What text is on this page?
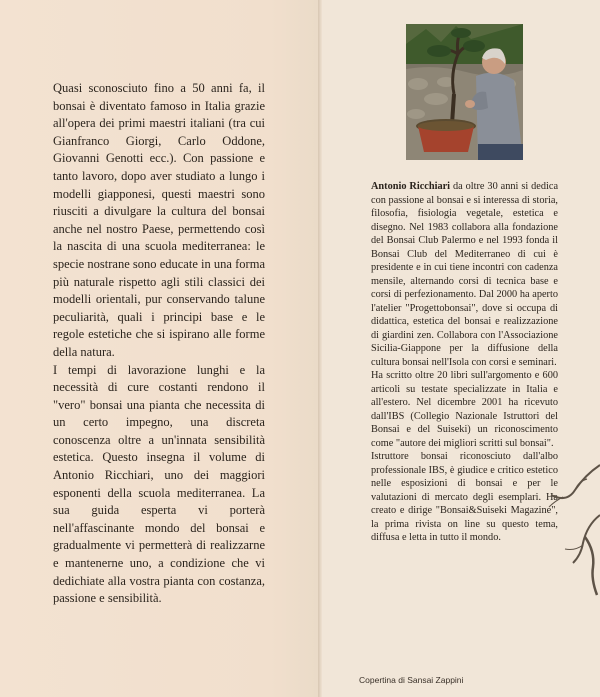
Quasi sconosciuto fino a 50 anni fa, il bonsai è diventato famoso in Italia grazie all'opera dei primi maestri italiani (tra cui Gianfranco Giorgi, Carlo Oddone, Giovanni Genotti ecc.). Con passione e tanto lavoro, dopo aver studiato a lungo i modelli giapponesi, questi maestri sono riusciti a divulgare la cultura del bonsai anche nel nostro Paese, permettendo così la nascita di una scuola mediterranea: le specie nostrane sono educate in una forma più naturale rispetto agli stili classici dei modelli orientali, pur conservando talune peculiarità, quali i principi base e le regole estetiche che si ispirano alle forme della natura.

I tempi di lavorazione lunghi e la necessità di cure costanti rendono il "vero" bonsai una pianta che necessita di un certo impegno, una discreta conoscenza oltre a un'innata sensibilità estetica. Questo insegna il volume di Antonio Ricchiari, uno dei maggiori esponenti della scuola mediterranea. La sua guida esperta vi porterà nell'affascinante mondo del bonsai e gradualmente vi permetterà di realizzarne e mantenerne uno, a condizione che vi dedichiate alla vostra pianta con costanza, passione e sensibilità.

Antonio Ricchiari da oltre 30 anni si dedica con passione al bonsai e si interessa di storia, filosofia, fisiologia vegetale, estetica e disegno. Nel 1983 collabora alla fondazione del Bonsai Club Palermo e nel 1993 fonda il Bonsai Club del Mediterraneo di cui è presidente e in cui tiene incontri con cadenza mensile, alternando corsi di tecnica base e corsi di perfezionamento. Dal 2000 ha aperto l'atelier "Progettobonsai", dove si occupa di didattica, estetica del bonsai e realizzazione di giardini zen. Collabora con l'Associazione Sicilia-Giappone per la diffusione della cultura bonsai nell'Isola con corsi e seminari.

Ha scritto oltre 20 libri sull'argomento e 600 articoli su testate specializzate in Italia e all'estero. Nel dicembre 2001 ha ricevuto dall'IBS (Collegio Nazionale Istruttori del Bonsai e del Suiseki) un riconoscimento come "autore dei migliori scritti sul bonsai".

Istruttore bonsai riconosciuto dall'albo professionale IBS, è giudice e critico estetico nelle esposizioni di bonsai e per le valutazioni di mercato degli esemplari. Ha creato e dirige "Bonsai&Suiseki Magazine", la prima rivista on line su questo tema, diffusa e letta in tutto il mondo.

Copertina di Sansai Zappini
